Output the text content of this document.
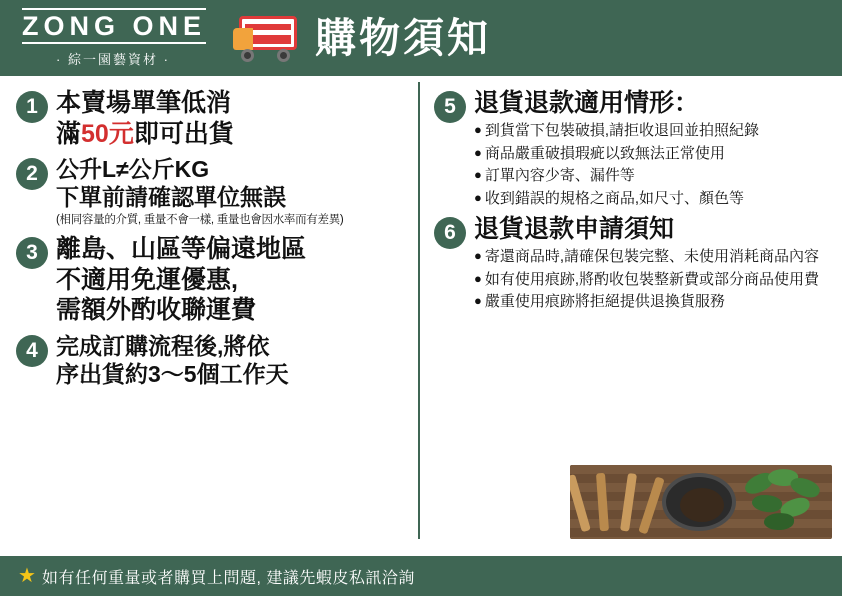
ZONG ONE
· 綜一園藝資材 ·	購物須知
1 本賣場單筆低消
滿50元即可出貨
2 公升L≠公斤KG
下單前請確認單位無誤
(相同容量的介質, 重量不會一樣, 重量也會因水率而有差異)
3 離島、山區等偏遠地區
不適用免運優惠,
需額外酌收聯運費
4 完成訂購流程後,將依
序出貨約3〜5個工作天
5 退貨退款適用情形：
● 到貨當下包裝破損,請拒收退回並拍照紀錄
● 商品嚴重破損瑕疵以致無法正常使用
● 訂單內容少寄、漏件等
● 收到錯誤的規格之商品,如尺寸、顏色等
6 退貨退款申請須知
● 寄還商品時,請確保包裝完整、未使用消耗商品內容
● 如有使用痕跡,將酌收包裝整新費或部分商品使用費
● 嚴重使用痕跡將拒絕提供退換貨服務
★ 如有任何重量或者購買上問題, 建議先蝦皮私訊洽詢
